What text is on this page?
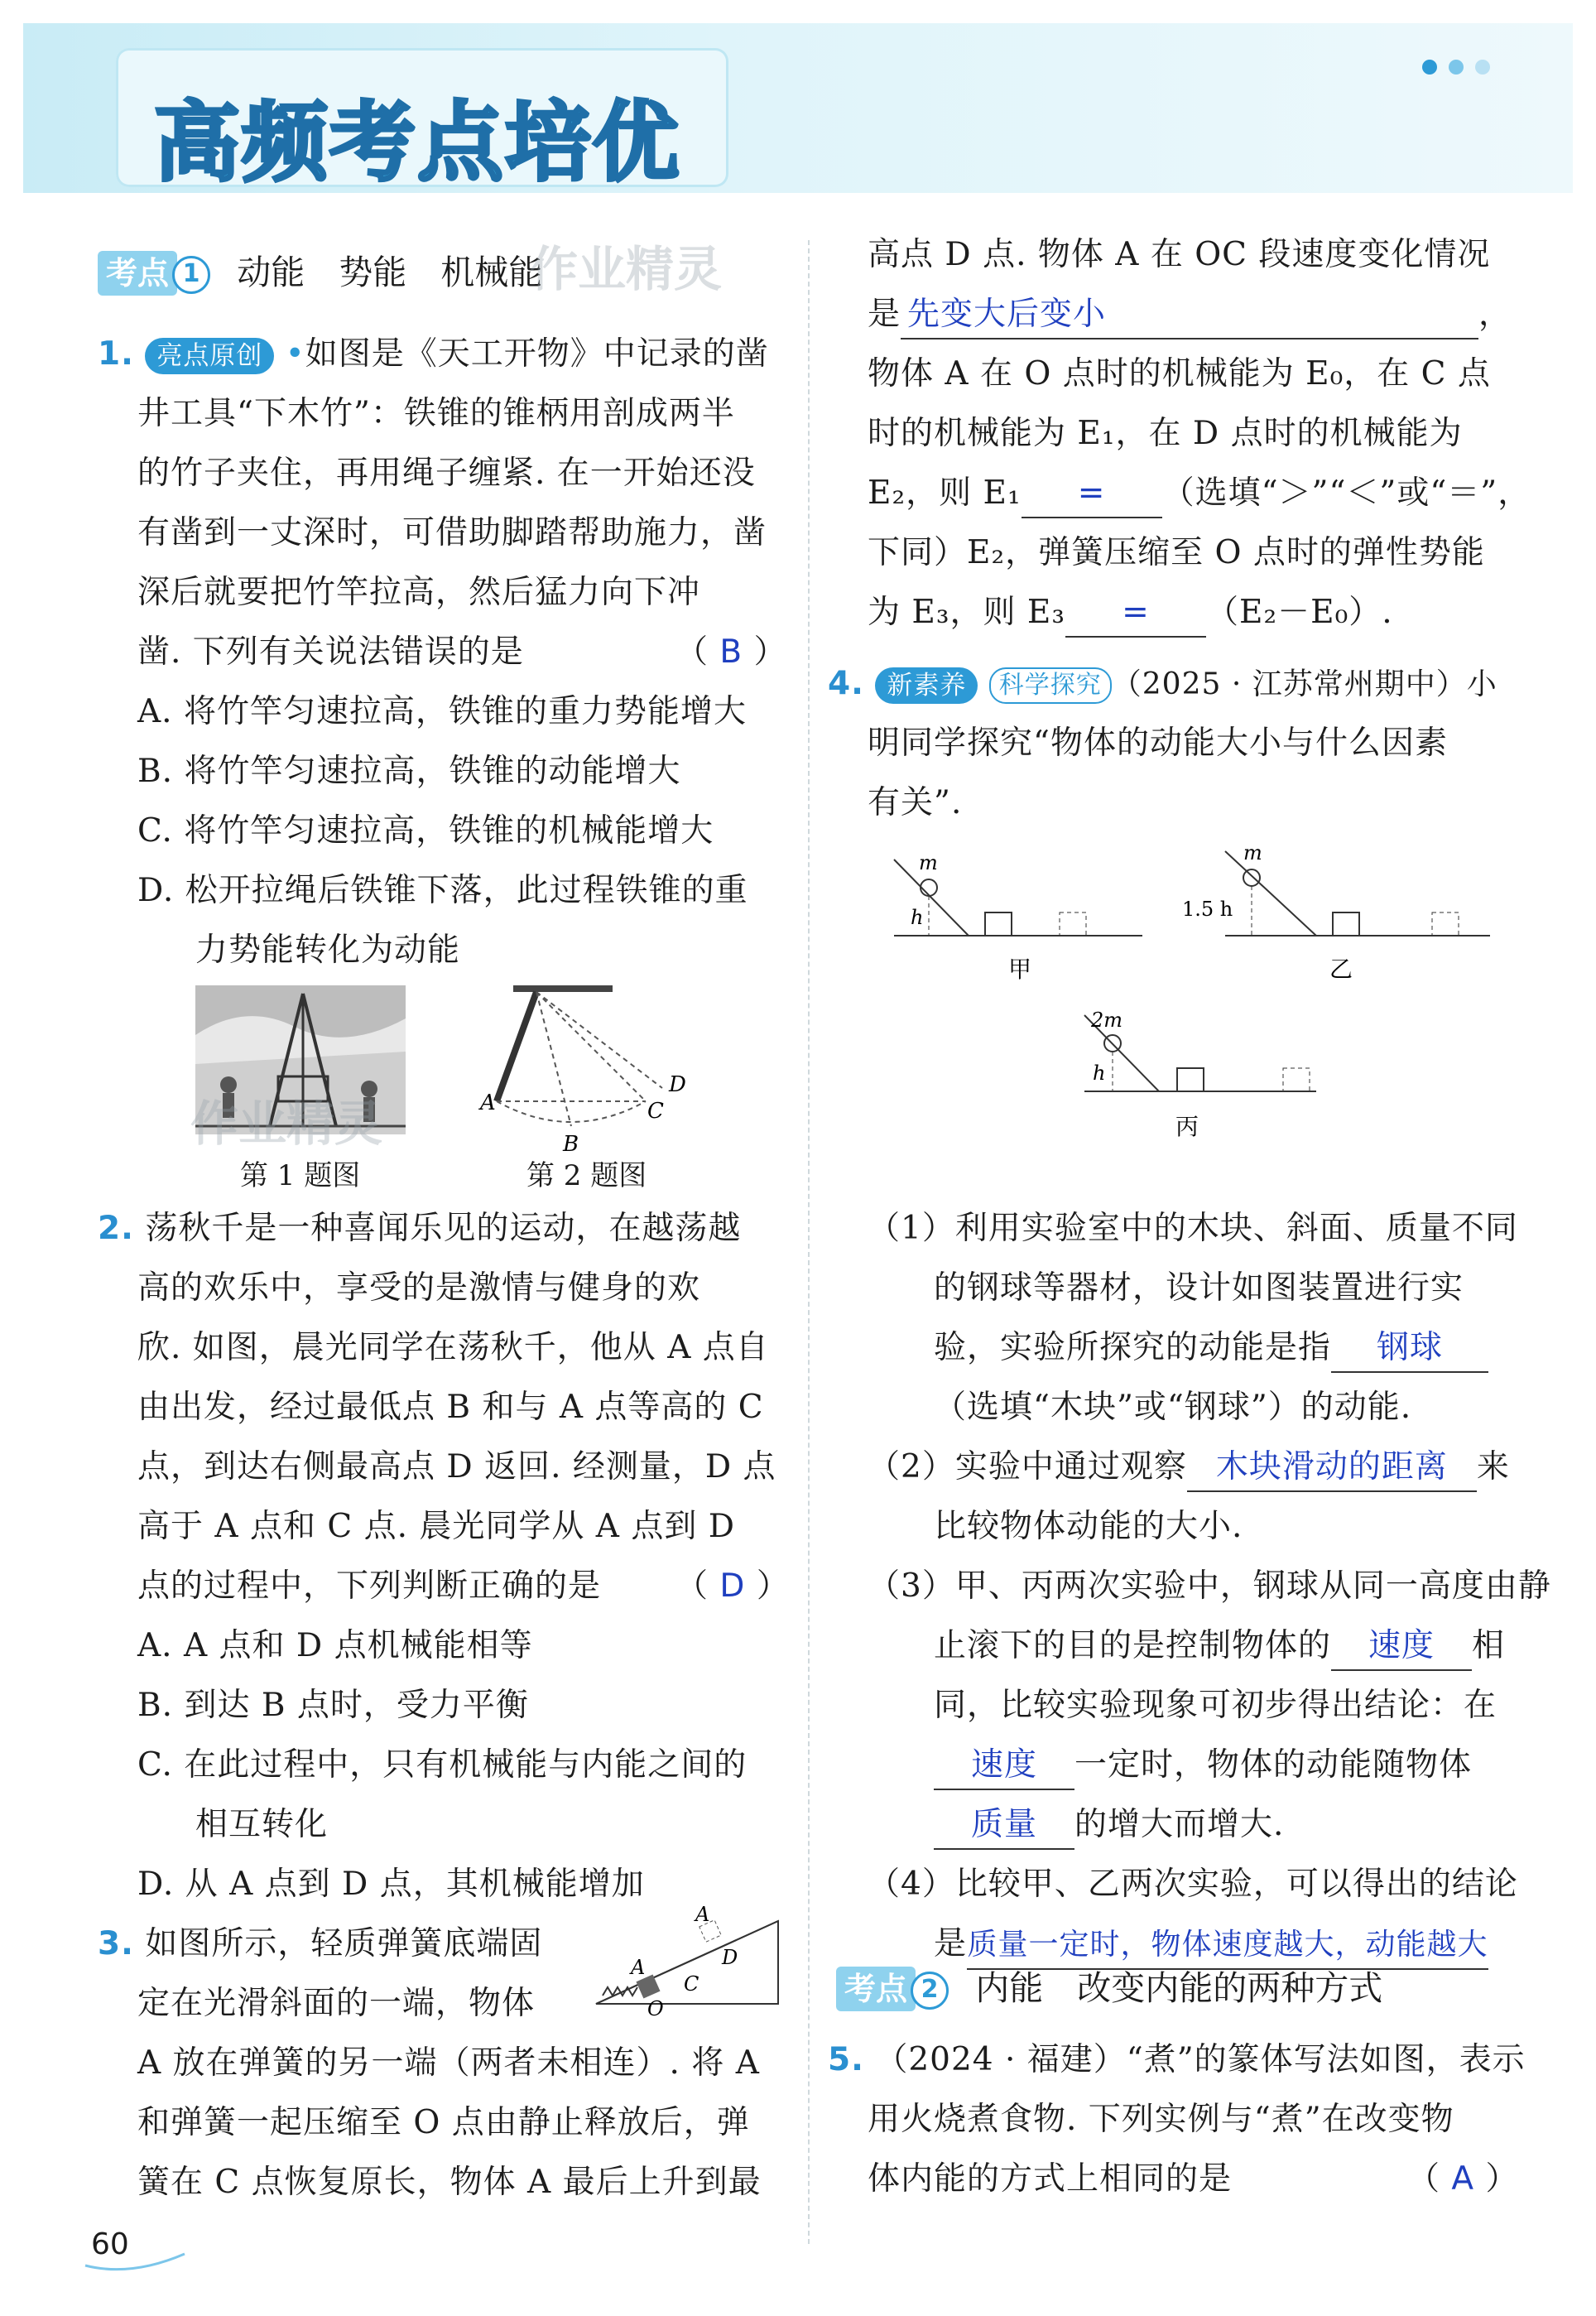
高频考点培优
考点 1 动能　势能　机械能
作业精灵
1. 亮点原创 •如图是《天工开物》中记录的凿
井工具“下木竹”：铁锥的锥柄用剖成两半
的竹子夹住，再用绳子缠紧. 在一开始还没
有凿到一丈深时，可借助脚踏帮助施力，凿
深后就要把竹竿拉高，然后猛力向下冲
凿. 下列有关说法错误的是	（ B ）
A. 将竹竿匀速拉高，铁锥的重力势能增大
B. 将竹竿匀速拉高，铁锥的动能增大
C. 将竹竿匀速拉高，铁锥的机械能增大
D. 松开拉绳后铁锥下落，此过程铁锥的重
力势能转化为动能
作业精灵
第 1 题图
A
B
C
D
第 2 题图
2. 荡秋千是一种喜闻乐见的运动，在越荡越
高的欢乐中，享受的是激情与健身的欢
欣. 如图，晨光同学在荡秋千，他从 A 点自
由出发，经过最低点 B 和与 A 点等高的 C
点，到达右侧最高点 D 返回. 经测量，D 点
高于 A 点和 C 点. 晨光同学从 A 点到 D
点的过程中，下列判断正确的是 （ D ）
A. A 点和 D 点机械能相等
B. 到达 B 点时，受力平衡
C. 在此过程中，只有机械能与内能之间的
相互转化
D. 从 A 点到 D 点，其机械能增加
3. 如图所示，轻质弹簧底端固
定在光滑斜面的一端，物体
A
O
C
D
A
A 放在弹簧的另一端（两者未相连）. 将 A
和弹簧一起压缩至 O 点由静止释放后，弹
簧在 C 点恢复原长，物体 A 最后上升到最
60
高点 D 点. 物体 A 在 OC 段速度变化情况
是 先变大后变小	，
物体 A 在 O 点时的机械能为 E₀，在 C 点
时的机械能为 E₁，在 D 点时的机械能为
E₂，则 E₁ = （选填“＞”“＜”或“＝”，
下同）E₂，弹簧压缩至 O 点时的弹性势能
为 E₃，则 E₃ = （E₂－E₀）.
4. 新素养 科学探究 （2025 · 江苏常州期中）小
明同学探究“物体的动能大小与什么因素
有关”.
m
h
甲
m
1.5 h
乙
2m
h
丙
（1）利用实验室中的木块、斜面、质量不同
的钢球等器材，设计如图装置进行实
验，实验所探究的动能是指 钢球
（选填“木块”或“钢球”）的动能.
（2）实验中通过观察 木块滑动的距离 来
比较物体动能的大小.
（3）甲、丙两次实验中，钢球从同一高度由静
止滚下的目的是控制物体的 速度 相
同，比较实验现象可初步得出结论：在
速度 一定时，物体的动能随物体
质量 的增大而增大.
（4）比较甲、乙两次实验，可以得出的结论
是质量一定时，物体速度越大，动能越大
考点 2 内能　改变内能的两种方式
5. （2024 · 福建）“煮”的篆体写法如图，表示
用火烧煮食物. 下列实例与“煮”在改变物
体内能的方式上相同的是	（ A ）
